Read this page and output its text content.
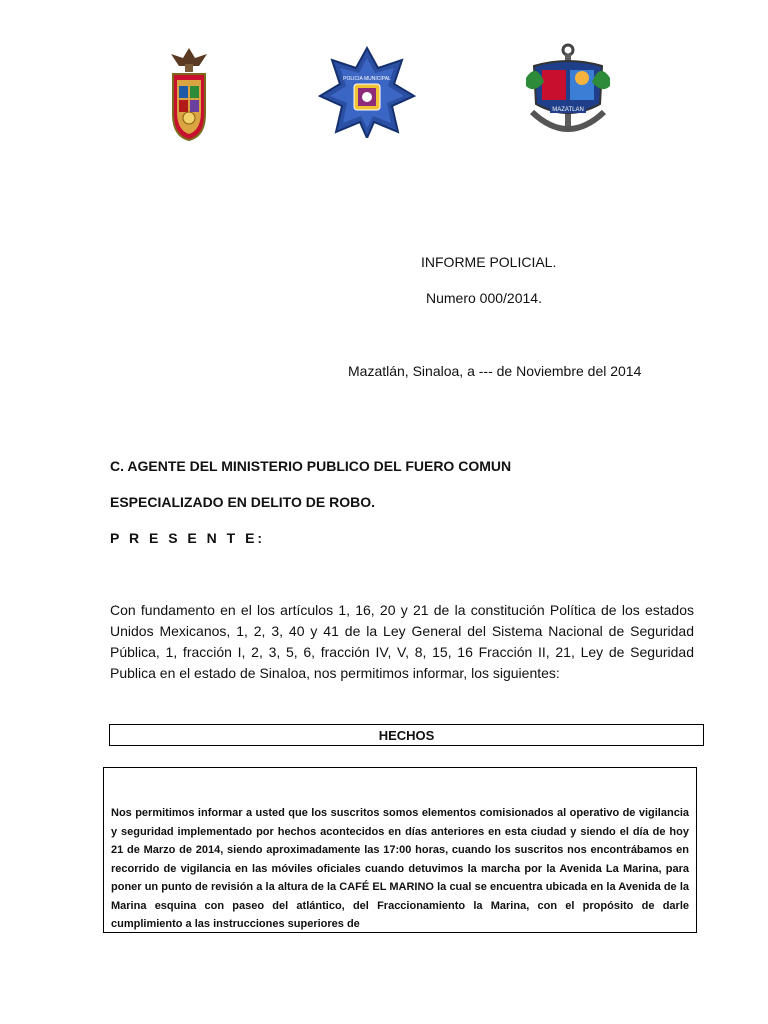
POLICIA MUNICIPAL
MAZATLAN
INFORME POLICIAL.
Numero 000/2014.
Mazatlán, Sinaloa, a --- de Noviembre del 2014
C. AGENTE DEL MINISTERIO PUBLICO DEL FUERO COMUN
ESPECIALIZADO EN DELITO DE ROBO.
P R E S E N T E:
Con fundamento en el los artículos 1, 16, 20 y 21 de la constitución Política de los estados Unidos Mexicanos, 1, 2, 3, 40 y 41 de la Ley General del Sistema Nacional de Seguridad Pública, 1, fracción I, 2, 3, 5, 6, fracción IV, V, 8, 15, 16 Fracción II, 21, Ley de Seguridad Publica en el estado de Sinaloa, nos permitimos informar, los siguientes:
HECHOS
Nos permitimos informar a usted que los suscritos somos elementos comisionados al operativo de vigilancia y seguridad implementado por hechos acontecidos en días anteriores en esta ciudad y siendo el día de hoy 21 de Marzo de 2014, siendo aproximadamente las 17:00 horas, cuando los suscritos nos encontrábamos en recorrido de vigilancia en las móviles oficiales cuando detuvimos la marcha por la Avenida La Marina, para poner un punto de revisión a la altura de la CAFÉ EL MARINO la cual se encuentra ubicada en la Avenida de la Marina esquina con paseo del atlántico, del Fraccionamiento la Marina, con el propósito de darle cumplimiento a las instrucciones superiores de
